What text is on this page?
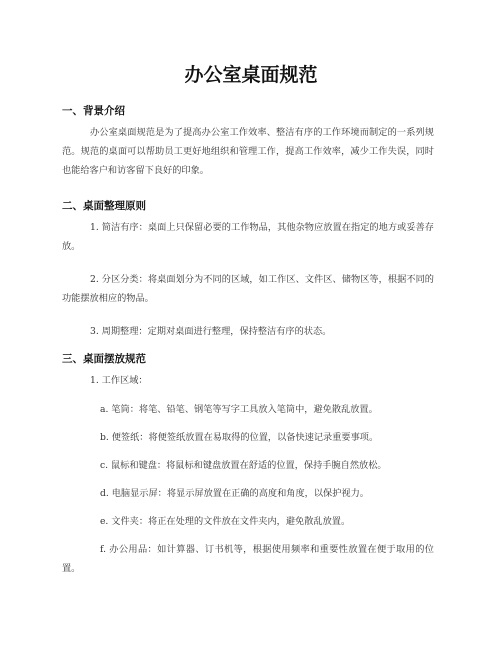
办公室桌面规范
一、背景介绍

办公室桌面规范是为了提高办公室工作效率、整洁有序的工作环境而制定的一系列规范。规范的桌面可以帮助员工更好地组织和管理工作，提高工作效率，减少工作失误，同时也能给客户和访客留下良好的印象。

二、桌面整理原则

1. 简洁有序：桌面上只保留必要的工作物品，其他杂物应放置在指定的地方或妥善存放。

2. 分区分类：将桌面划分为不同的区域，如工作区、文件区、储物区等，根据不同的功能摆放相应的物品。

3. 周期整理：定期对桌面进行整理，保持整洁有序的状态。

三、桌面摆放规范

1. 工作区域：

a. 笔筒：将笔、铅笔、钢笔等写字工具放入笔筒中，避免散乱放置。

b. 便签纸：将便签纸放置在易取得的位置，以备快速记录重要事项。

c. 鼠标和键盘：将鼠标和键盘放置在舒适的位置，保持手腕自然放松。

d. 电脑显示屏：将显示屏放置在正确的高度和角度，以保护视力。

e. 文件夹：将正在处理的文件放在文件夹内，避免散乱放置。

f. 办公用品：如计算器、订书机等，根据使用频率和重要性放置在便于取用的位置。
